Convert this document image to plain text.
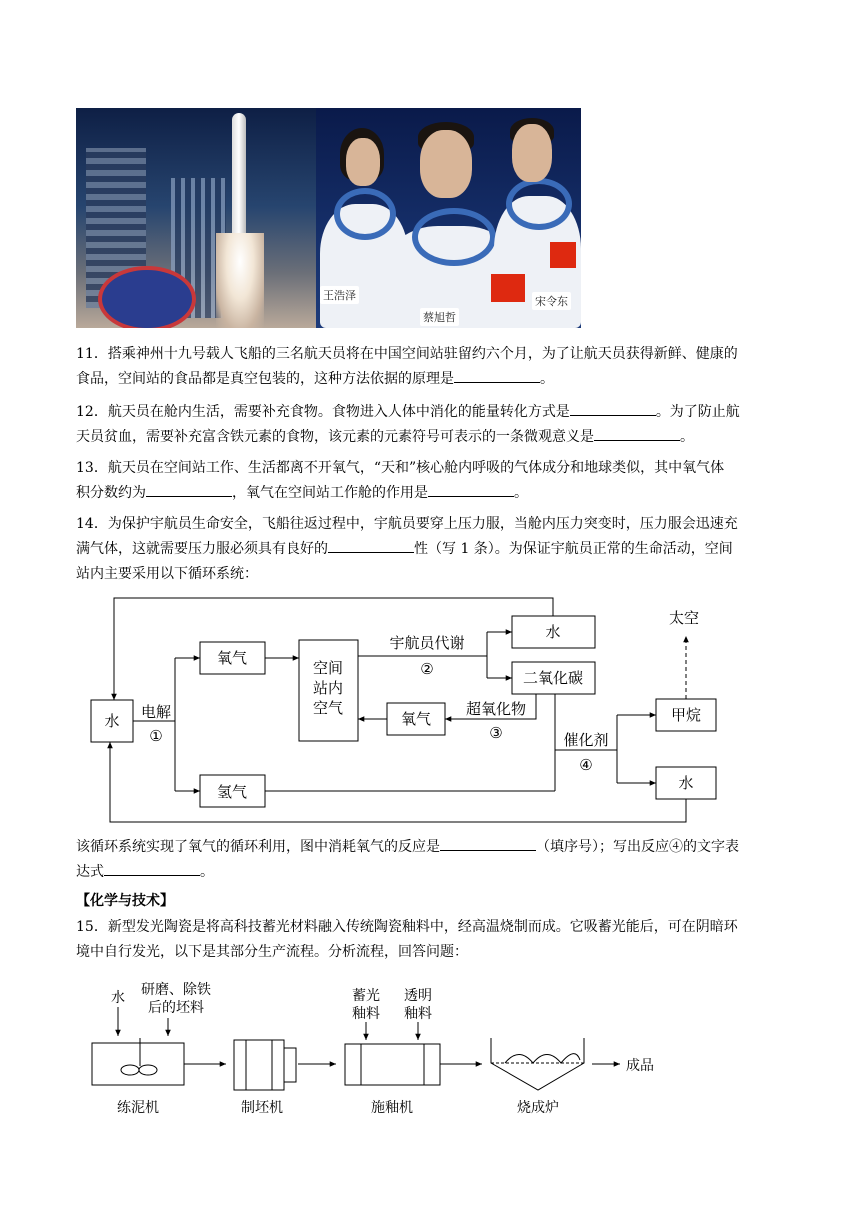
王浩泽
蔡旭哲
宋令东
11．搭乘神州十九号载人飞船的三名航天员将在中国空间站驻留约六个月，为了让航天员获得新鲜、健康的
食品，空间站的食品都是真空包装的，这种方法依据的原理是	。
12．航天员在舱内生活，需要补充食物。食物进入人体中消化的能量转化方式是	。为了防止航
天员贫血，需要补充富含铁元素的食物，该元素的元素符号可表示的一条微观意义是	。
13．航天员在空间站工作、生活都离不开氧气，“天和”核心舱内呼吸的气体成分和地球类似，其中氧气体
积分数约为	，氧气在空间站工作舱的作用是	。
14．为保护宇航员生命安全，飞船往返过程中，宇航员要穿上压力服，当舱内压力突变时，压力服会迅速充
满气体，这就需要压力服必须具有良好的	性（写 1 条）。为保证宇航员正常的生命活动，空间
站内主要采用以下循环系统：
水 电解
①
氧气
氢气
空间
站内
空气
宇航员代谢
②
水
二氧化碳
超氧化物
③
氧气
催化剂
④
甲烷
水
太空
该循环系统实现了氧气的循环利用，图中消耗氧气的反应是	（填序号）；写出反应④的文字表
达式	。
【化学与技术】
15．新型发光陶瓷是将高科技蓄光材料融入传统陶瓷釉料中，经高温烧制而成。它吸蓄光能后，可在阴暗环
境中自行发光，以下是其部分生产流程。分析流程，回答问题：
水 研磨、除铁
后的坯料
蓄光
釉料
透明
釉料
练泥机	制坯机	施釉机	烧成炉
成品
